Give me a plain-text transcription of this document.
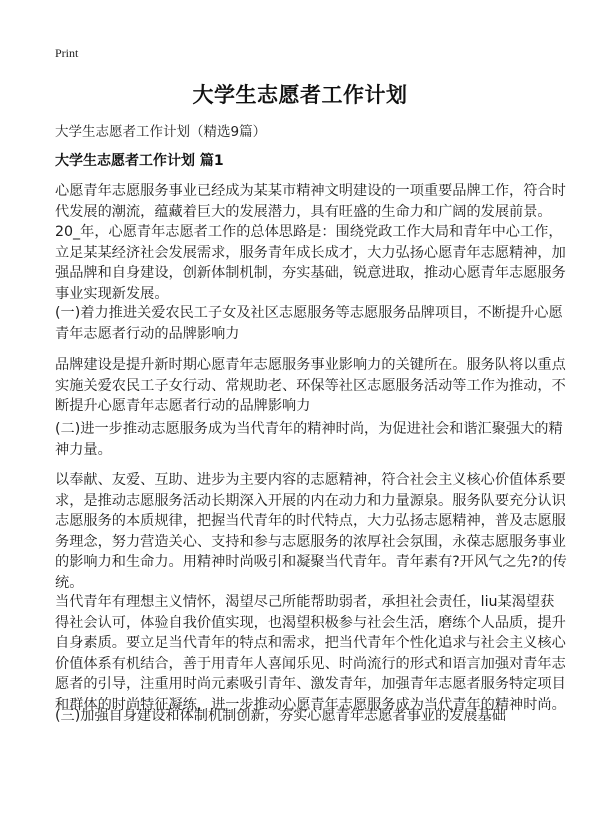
Print
大学生志愿者工作计划
大学生志愿者工作计划（精选9篇）
大学生志愿者工作计划 篇1
心愿青年志愿服务事业已经成为某某市精神文明建设的一项重要品牌工作，符合时
代发展的潮流，蕴藏着巨大的发展潜力，具有旺盛的生命力和广阔的发展前景。
20_年，心愿青年志愿者工作的总体思路是：围绕党政工作大局和青年中心工作，
立足某某经济社会发展需求，服务青年成长成才，大力弘扬心愿青年志愿精神，加
强品牌和自身建设，创新体制机制，夯实基础，锐意进取，推动心愿青年志愿服务
事业实现新发展。
(一)着力推进关爱农民工子女及社区志愿服务等志愿服务品牌项目，不断提升心愿
青年志愿者行动的品牌影响力
品牌建设是提升新时期心愿青年志愿服务事业影响力的关键所在。服务队将以重点
实施关爱农民工子女行动、常规助老、环保等社区志愿服务活动等工作为推动，不
断提升心愿青年志愿者行动的品牌影响力
(二)进一步推动志愿服务成为当代青年的精神时尚，为促进社会和谐汇聚强大的精
神力量。
以奉献、友爱、互助、进步为主要内容的志愿精神，符合社会主义核心价值体系要
求，是推动志愿服务活动长期深入开展的内在动力和力量源泉。服务队要充分认识
志愿服务的本质规律，把握当代青年的时代特点，大力弘扬志愿精神，普及志愿服
务理念，努力营造关心、支持和参与志愿服务的浓厚社会氛围，永葆志愿服务事业
的影响力和生命力。用精神时尚吸引和凝聚当代青年。青年素有?开风气之先?的传
统。
当代青年有理想主义情怀，渴望尽己所能帮助弱者，承担社会责任，liu某渴望获
得社会认可，体验自我价值实现，也渴望积极参与社会生活，磨练个人品质，提升
自身素质。要立足当代青年的特点和需求，把当代青年个性化追求与社会主义核心
价值体系有机结合，善于用青年人喜闻乐见、时尚流行的形式和语言加强对青年志
愿者的引导，注重用时尚元素吸引青年、激发青年，加强青年志愿者服务特定项目
和群体的时尚特征凝练，进一步推动心愿青年志愿服务成为当代青年的精神时尚。
(三)加强自身建设和体制机制创新，夯实心愿青年志愿者事业的发展基础
